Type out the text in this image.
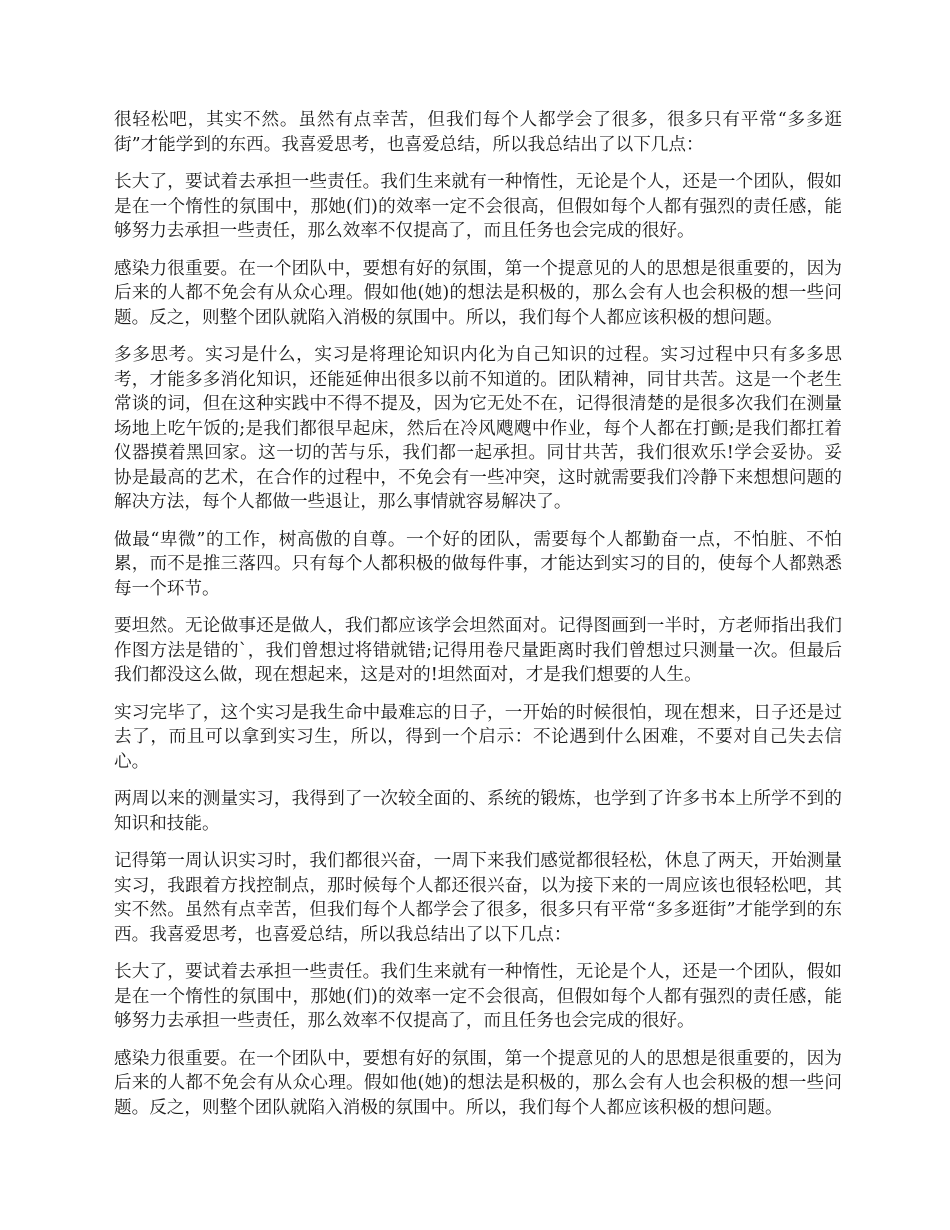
很轻松吧，其实不然。虽然有点幸苦，但我们每个人都学会了很多，很多只有平常“多多逛街”才能学到的东西。我喜爱思考，也喜爱总结，所以我总结出了以下几点：

长大了，要试着去承担一些责任。我们生来就有一种惰性，无论是个人，还是一个团队，假如是在一个惰性的氛围中，那她(们)的效率一定不会很高，但假如每个人都有强烈的责任感，能够努力去承担一些责任，那么效率不仅提高了，而且任务也会完成的很好。

感染力很重要。在一个团队中，要想有好的氛围，第一个提意见的人的思想是很重要的，因为后来的人都不免会有从众心理。假如他(她)的想法是积极的，那么会有人也会积极的想一些问题。反之，则整个团队就陷入消极的氛围中。所以，我们每个人都应该积极的想问题。

多多思考。实习是什么，实习是将理论知识内化为自己知识的过程。实习过程中只有多多思考，才能多多消化知识，还能延伸出很多以前不知道的。团队精神，同甘共苦。这是一个老生常谈的词，但在这种实践中不得不提及，因为它无处不在，记得很清楚的是很多次我们在测量场地上吃午饭的;是我们都很早起床，然后在冷风飕飕中作业，每个人都在打颤;是我们都扛着仪器摸着黑回家。这一切的苦与乐，我们都一起承担。同甘共苦，我们很欢乐!学会妥协。妥协是最高的艺术，在合作的过程中，不免会有一些冲突，这时就需要我们冷静下来想想问题的解决方法，每个人都做一些退让，那么事情就容易解决了。

做最“卑微”的工作，树高傲的自尊。一个好的团队，需要每个人都勤奋一点，不怕脏、不怕累，而不是推三落四。只有每个人都积极的做每件事，才能达到实习的目的，使每个人都熟悉每一个环节。

要坦然。无论做事还是做人，我们都应该学会坦然面对。记得图画到一半时，方老师指出我们作图方法是错的`，我们曾想过将错就错;记得用卷尺量距离时我们曾想过只测量一次。但最后我们都没这么做，现在想起来，这是对的!坦然面对，才是我们想要的人生。

实习完毕了，这个实习是我生命中最难忘的日子，一开始的时候很怕，现在想来，日子还是过去了，而且可以拿到实习生，所以，得到一个启示：不论遇到什么困难，不要对自己失去信心。

两周以来的测量实习，我得到了一次较全面的、系统的锻炼，也学到了许多书本上所学不到的知识和技能。

记得第一周认识实习时，我们都很兴奋，一周下来我们感觉都很轻松，休息了两天，开始测量实习，我跟着方找控制点，那时候每个人都还很兴奋，以为接下来的一周应该也很轻松吧，其实不然。虽然有点幸苦，但我们每个人都学会了很多，很多只有平常“多多逛街”才能学到的东西。我喜爱思考，也喜爱总结，所以我总结出了以下几点：

长大了，要试着去承担一些责任。我们生来就有一种惰性，无论是个人，还是一个团队，假如是在一个惰性的氛围中，那她(们)的效率一定不会很高，但假如每个人都有强烈的责任感，能够努力去承担一些责任，那么效率不仅提高了，而且任务也会完成的很好。

感染力很重要。在一个团队中，要想有好的氛围，第一个提意见的人的思想是很重要的，因为后来的人都不免会有从众心理。假如他(她)的想法是积极的，那么会有人也会积极的想一些问题。反之，则整个团队就陷入消极的氛围中。所以，我们每个人都应该积极的想问题。
